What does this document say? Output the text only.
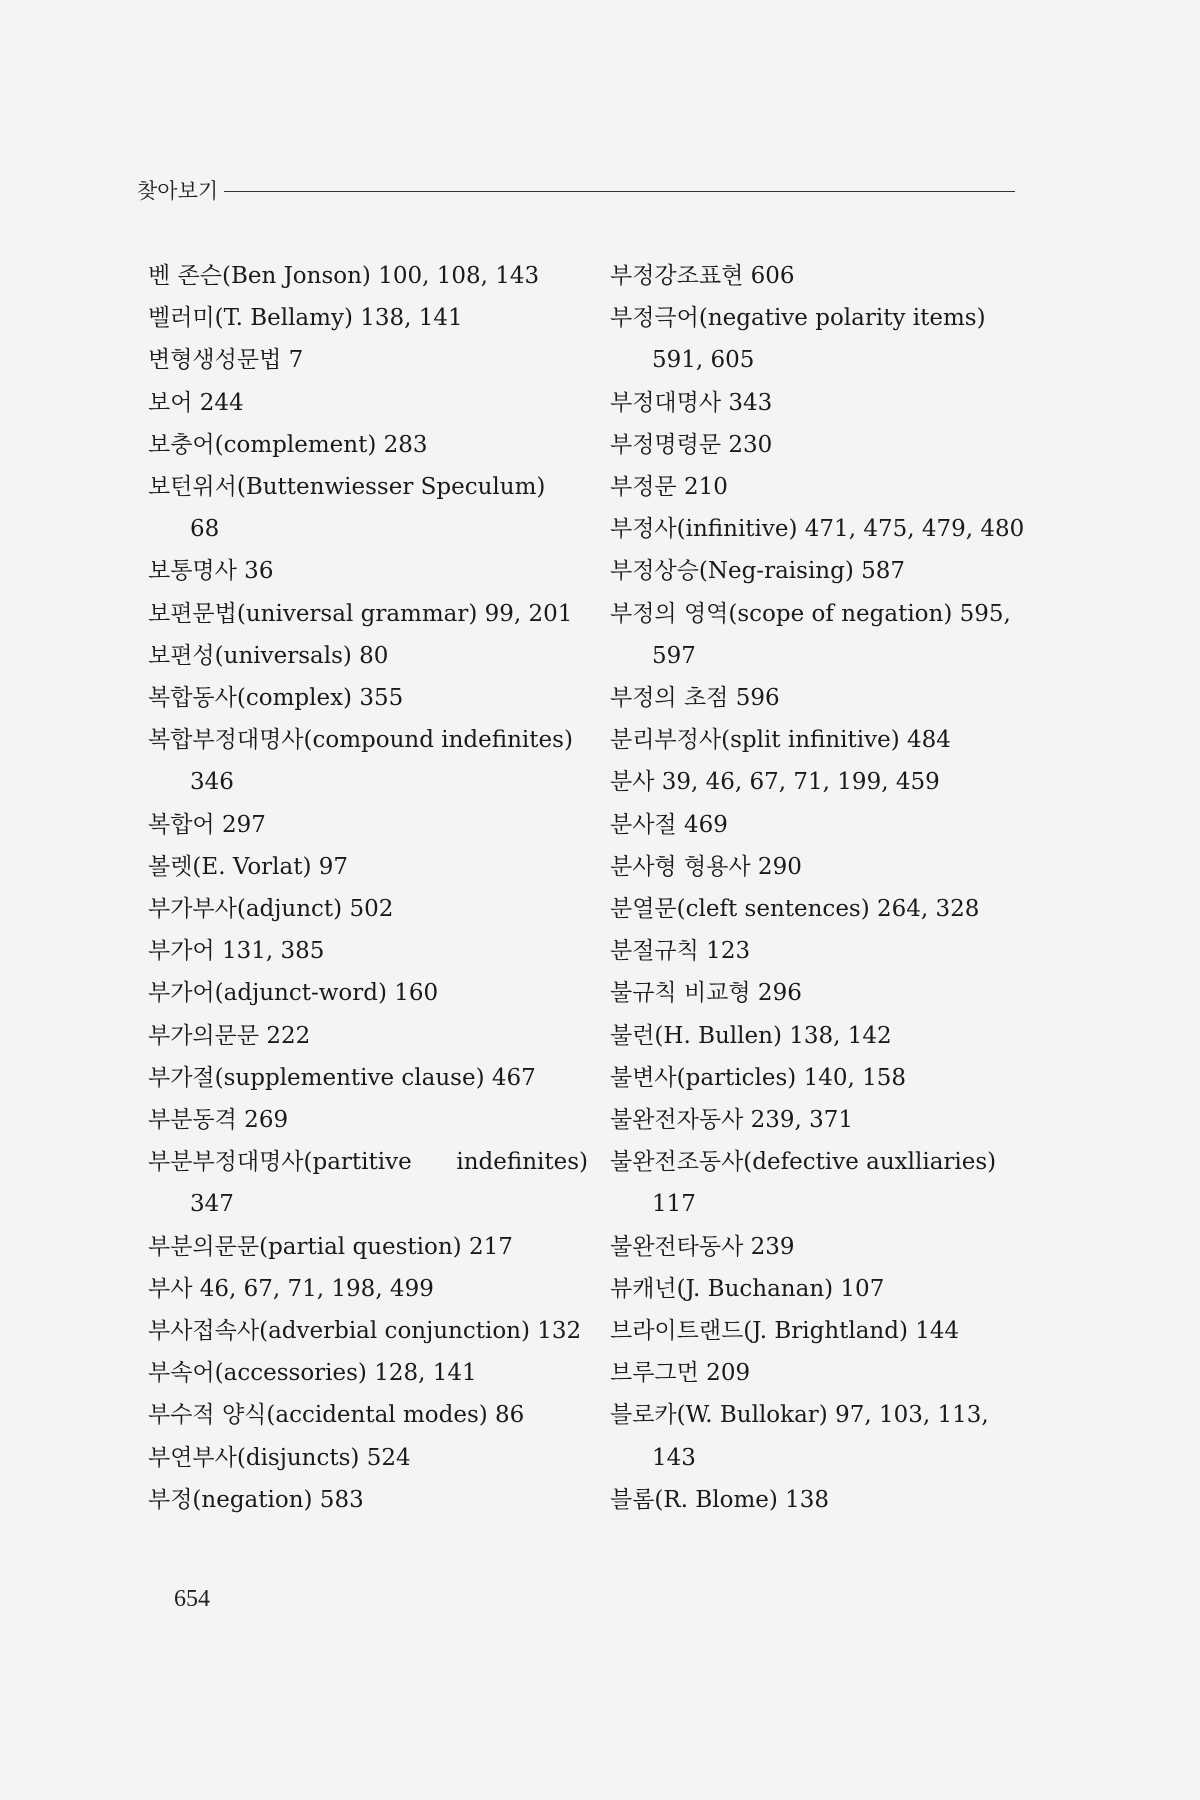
찾아보기
벤 존슨(Ben Jonson) 100, 108, 143
벨러미(T. Bellamy) 138, 141
변형생성문법 7
보어 244
보충어(complement) 283
보턴위서(Buttenwiesser Speculum)
68
보통명사 36
보편문법(universal grammar) 99, 201
보편성(universals) 80
복합동사(complex) 355
복합부정대명사(compound indefinites)
346
복합어 297
볼렛(E. Vorlat) 97
부가부사(adjunct) 502
부가어 131, 385
부가어(adjunct-word) 160
부가의문문 222
부가절(supplementive clause) 467
부분동격 269
부분부정대명사(partitive indefinites)
347
부분의문문(partial question) 217
부사 46, 67, 71, 198, 499
부사접속사(adverbial conjunction) 132
부속어(accessories) 128, 141
부수적 양식(accidental modes) 86
부연부사(disjuncts) 524
부정(negation) 583
부정강조표현 606
부정극어(negative polarity items)
591, 605
부정대명사 343
부정명령문 230
부정문 210
부정사(infinitive) 471, 475, 479, 480
부정상승(Neg-raising) 587
부정의 영역(scope of negation) 595,
597
부정의 초점 596
분리부정사(split infinitive) 484
분사 39, 46, 67, 71, 199, 459
분사절 469
분사형 형용사 290
분열문(cleft sentences) 264, 328
분절규칙 123
불규칙 비교형 296
불런(H. Bullen) 138, 142
불변사(particles) 140, 158
불완전자동사 239, 371
불완전조동사(defective auxlliaries)
117
불완전타동사 239
뷰캐넌(J. Buchanan) 107
브라이트랜드(J. Brightland) 144
브루그먼 209
블로카(W. Bullokar) 97, 103, 113,
143
블롬(R. Blome) 138
654
